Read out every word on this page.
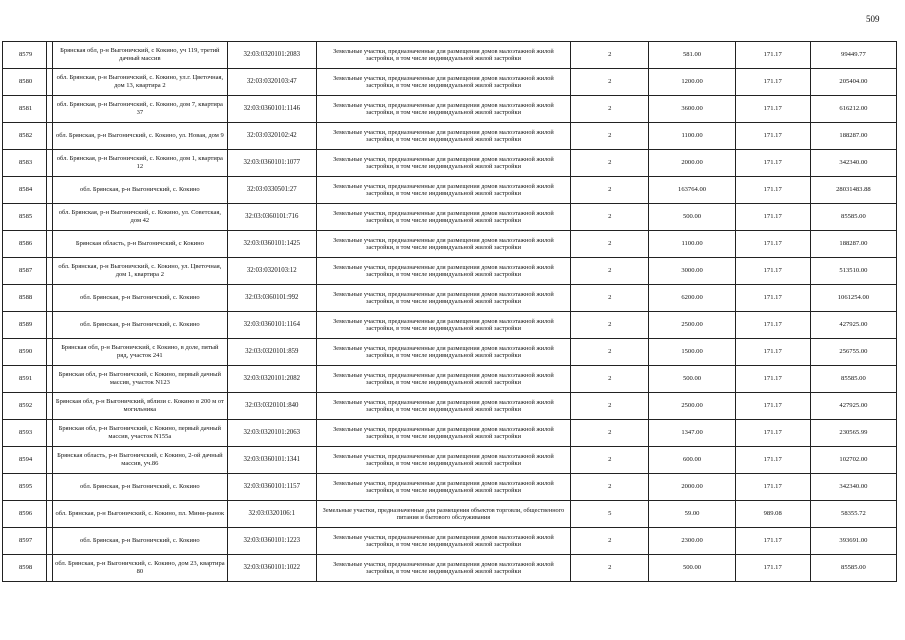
509
8579		Брянская обл, р-н Выгоничский, с Кокино, уч 119, третий дачный массив	32:03:0320101:2083	Земельные участки, предназначенные для размещения домов малоэтажной жилой застройки, в том числе индивидуальной жилой застройки	2	581.00	171.17	99449.77
8580		обл. Брянская, р-н Выгоничский, с. Кокино, ул.г. Цветочная, дом 13, квартира 2	32:03:0320103:47	Земельные участки, предназначенные для размещения домов малоэтажной жилой застройки, в том числе индивидуальной жилой застройки	2	1200.00	171.17	205404.00
8581		обл. Брянская, р-н Выгоничский, с. Кокино, дом 7, квартира 37	32:03:0360101:1146	Земельные участки, предназначенные для размещения домов малоэтажной жилой застройки, в том числе индивидуальной жилой застройки	2	3600.00	171.17	616212.00
8582		обл. Брянская, р-н Выгоничский, с. Кокино, ул. Новая, дом 9	32:03:0320102:42	Земельные участки, предназначенные для размещения домов малоэтажной жилой застройки, в том числе индивидуальной жилой застройки	2	1100.00	171.17	188287.00
8583		обл. Брянская, р-н Выгоничский, с. Кокино, дом 1, квартира 12	32:03:0360101:1077	Земельные участки, предназначенные для размещения домов малоэтажной жилой застройки, в том числе индивидуальной жилой застройки	2	2000.00	171.17	342340.00
8584		обл. Брянская, р-н Выгоничский, с. Кокино	32:03:0330501:27	Земельные участки, предназначенные для размещения домов малоэтажной жилой застройки, в том числе индивидуальной жилой застройки	2	163764.00	171.17	28031483.88
8585		обл. Брянская, р-н Выгоничский, с. Кокино, ул. Советская, дом 42	32:03:0360101:716	Земельные участки, предназначенные для размещения домов малоэтажной жилой застройки, в том числе индивидуальной жилой застройки	2	500.00	171.17	85585.00
8586		Брянская область, р-н Выгоничский, с Кокино	32:03:0360101:1425	Земельные участки, предназначенные для размещения домов малоэтажной жилой застройки, в том числе индивидуальной жилой застройки	2	1100.00	171.17	188287.00
8587		обл. Брянская, р-н Выгоничский, с. Кокино, ул. Цветочная, дом 1, квартира 2	32:03:0320103:12	Земельные участки, предназначенные для размещения домов малоэтажной жилой застройки, в том числе индивидуальной жилой застройки	2	3000.00	171.17	513510.00
8588		обл. Брянская, р-н Выгоничский, с. Кокино	32:03:0360101:992	Земельные участки, предназначенные для размещения домов малоэтажной жилой застройки, в том числе индивидуальной жилой застройки	2	6200.00	171.17	1061254.00
8589		обл. Брянская, р-н Выгоничский, с. Кокино	32:03:0360101:1164	Земельные участки, предназначенные для размещения домов малоэтажной жилой застройки, в том числе индивидуальной жилой застройки	2	2500.00	171.17	427925.00
8590		Брянская обл, р-н Выгоничский, с Кокино, в доле, пятый ряд, участок 241	32:03:0320101:859	Земельные участки, предназначенные для размещения домов малоэтажной жилой застройки, в том числе индивидуальной жилой застройки	2	1500.00	171.17	256755.00
8591		Брянская обл, р-н Выгоничский, с Кокино, первый дачный массив, участок N123	32:03:0320101:2082	Земельные участки, предназначенные для размещения домов малоэтажной жилой застройки, в том числе индивидуальной жилой застройки	2	500.00	171.17	85585.00
8592		Брянская обл, р-н Выгоничский, вблизи с. Кокино в 200 м от могильника	32:03:0320101:840	Земельные участки, предназначенные для размещения домов малоэтажной жилой застройки, в том числе индивидуальной жилой застройки	2	2500.00	171.17	427925.00
8593		Брянская обл, р-н Выгоничский, с Кокино, первый дачный массив, участок N155а	32:03:0320101:2063	Земельные участки, предназначенные для размещения домов малоэтажной жилой застройки, в том числе индивидуальной жилой застройки	2	1347.00	171.17	230565.99
8594		Брянская область, р-н Выгоничский, с Кокино, 2-ой дачный массив, уч.86	32:03:0360101:1341	Земельные участки, предназначенные для размещения домов малоэтажной жилой застройки, в том числе индивидуальной жилой застройки	2	600.00	171.17	102702.00
8595		обл. Брянская, р-н Выгоничский, с. Кокино	32:03:0360101:1157	Земельные участки, предназначенные для размещения домов малоэтажной жилой застройки, в том числе индивидуальной жилой застройки	2	2000.00	171.17	342340.00
8596		обл. Брянская, р-н Выгоничский, с. Кокино, пл. Мини-рынок	32:03:0320106:1	Земельные участки, предназначенные для размещения объектов торговли, общественного питания и бытового обслуживания	5	59.00	989.08	58355.72
8597		обл. Брянская, р-н Выгоничский, с. Кокино	32:03:0360101:1223	Земельные участки, предназначенные для размещения домов малоэтажной жилой застройки, в том числе индивидуальной жилой застройки	2	2300.00	171.17	393691.00
8598		обл. Брянская, р-н Выгоничский, с. Кокино, дом 23, квартира 80	32:03:0360101:1022	Земельные участки, предназначенные для размещения домов малоэтажной жилой застройки, в том числе индивидуальной жилой застройки	2	500.00	171.17	85585.00
